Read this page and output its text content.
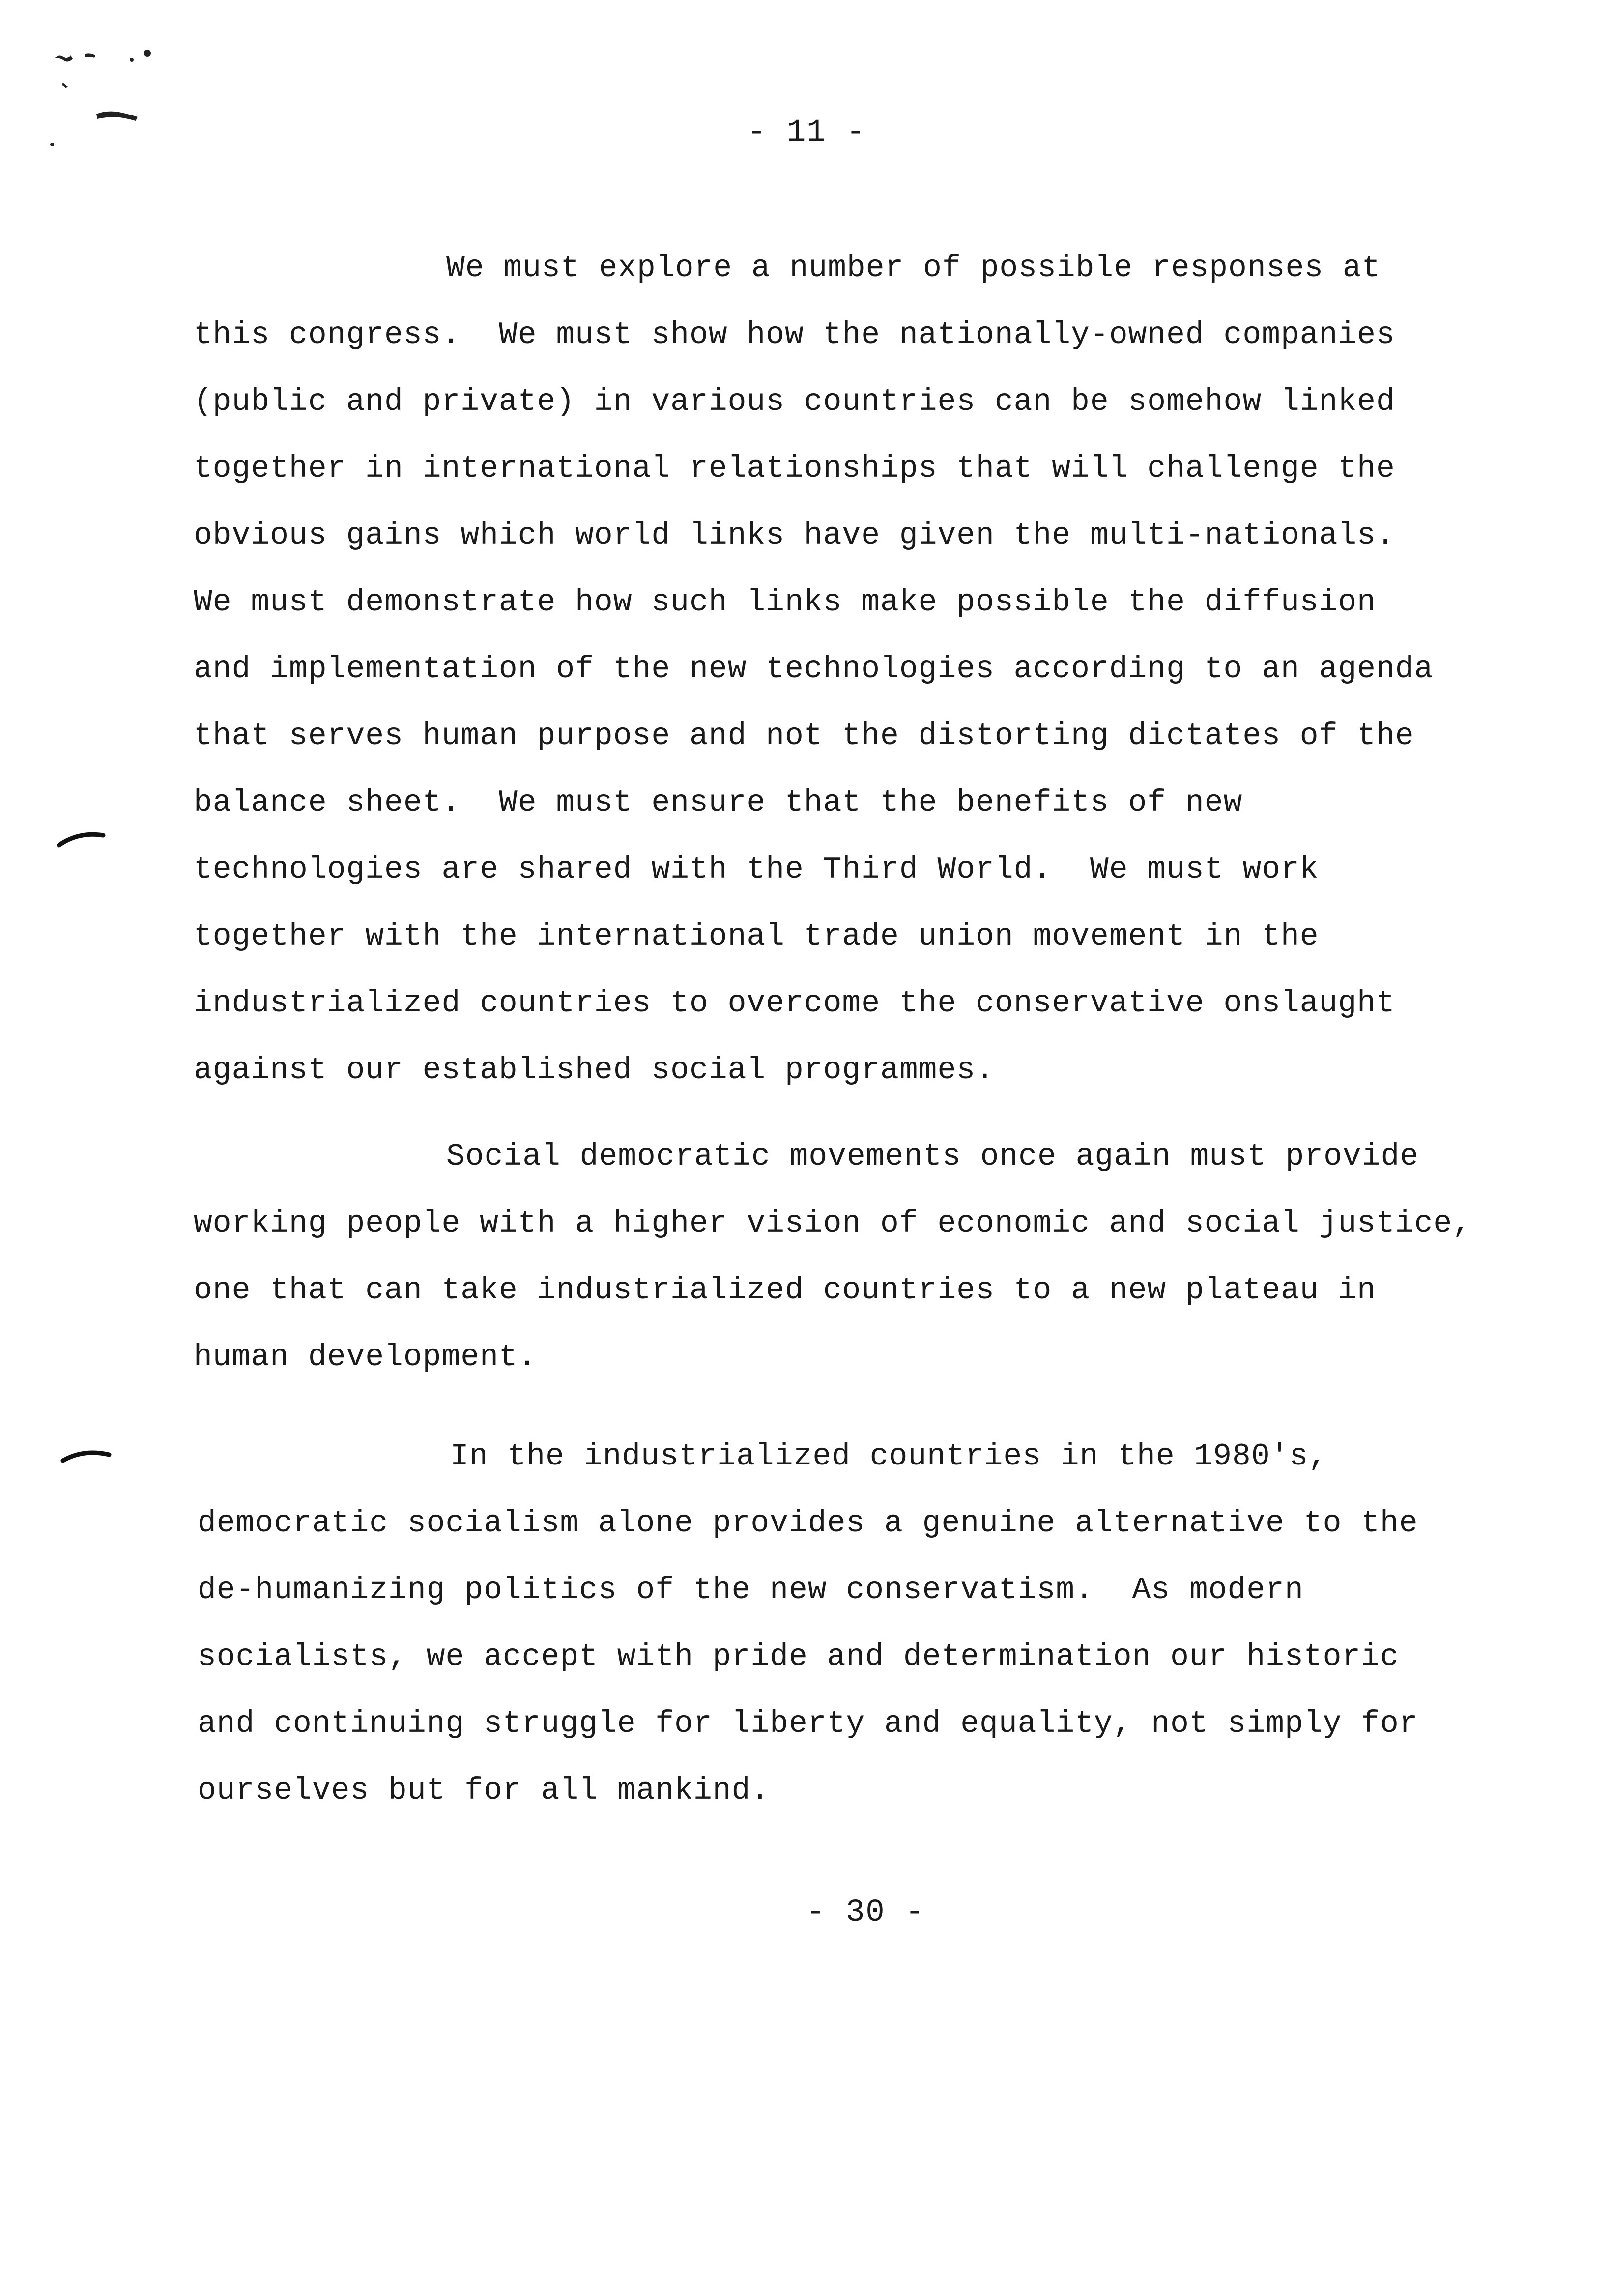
- 11 -
We must explore a number of possible responses at
this congress.  We must show how the nationally-owned companies
(public and private) in various countries can be somehow linked
together in international relationships that will challenge the
obvious gains which world links have given the multi-nationals.
We must demonstrate how such links make possible the diffusion
and implementation of the new technologies according to an agenda
that serves human purpose and not the distorting dictates of the
balance sheet.  We must ensure that the benefits of new
technologies are shared with the Third World.  We must work
together with the international trade union movement in the
industrialized countries to overcome the conservative onslaught
against our established social programmes.
Social democratic movements once again must provide
working people with a higher vision of economic and social justice,
one that can take industrialized countries to a new plateau in
human development.
In the industrialized countries in the 1980's,
democratic socialism alone provides a genuine alternative to the
de-humanizing politics of the new conservatism.  As modern
socialists, we accept with pride and determination our historic
and continuing struggle for liberty and equality, not simply for
ourselves but for all mankind.
- 30 -
